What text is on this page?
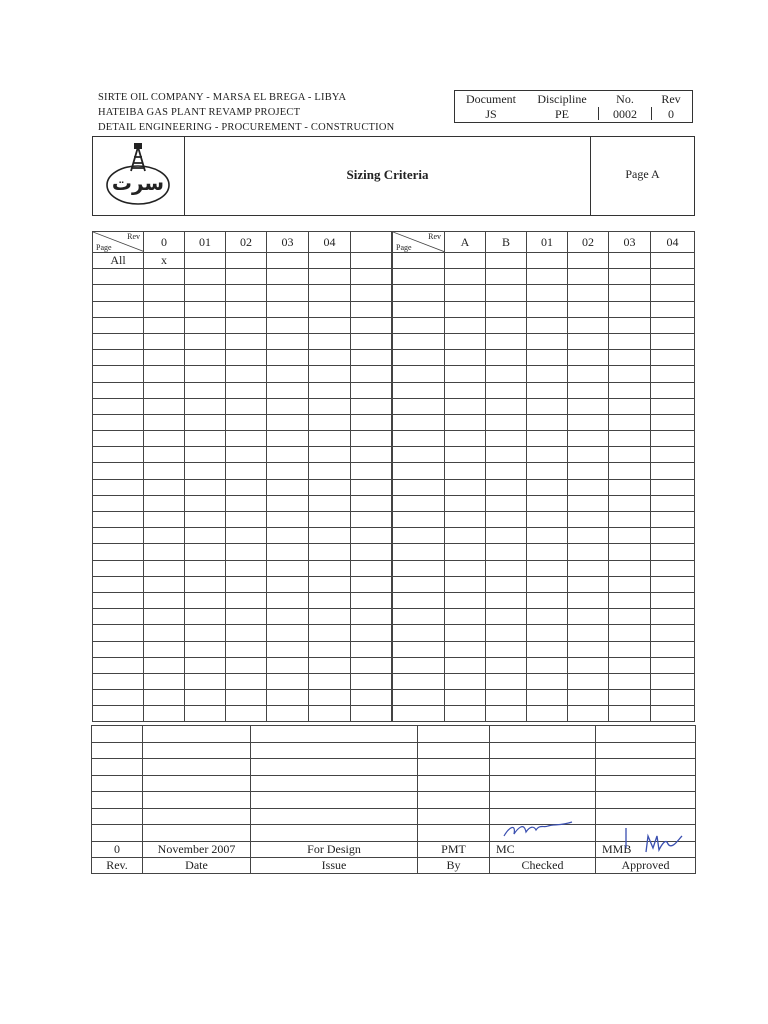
SIRTE OIL COMPANY - MARSA EL BREGA - LIBYA
HATEIBA GAS PLANT REVAMP PROJECT
DETAIL ENGINEERING - PROCUREMENT - CONSTRUCTION
Document	Discipline	No.	Rev
JS	PE	0002	0
سرت	Sizing Criteria	Page A
Rev
Page	0	01	02	03	04	
All	x					

Rev
Page	A	B	01	02	03	04

0	November 2007	For Design	PMT	MC	MMB
Rev.	Date	Issue	By	Checked	Approved
